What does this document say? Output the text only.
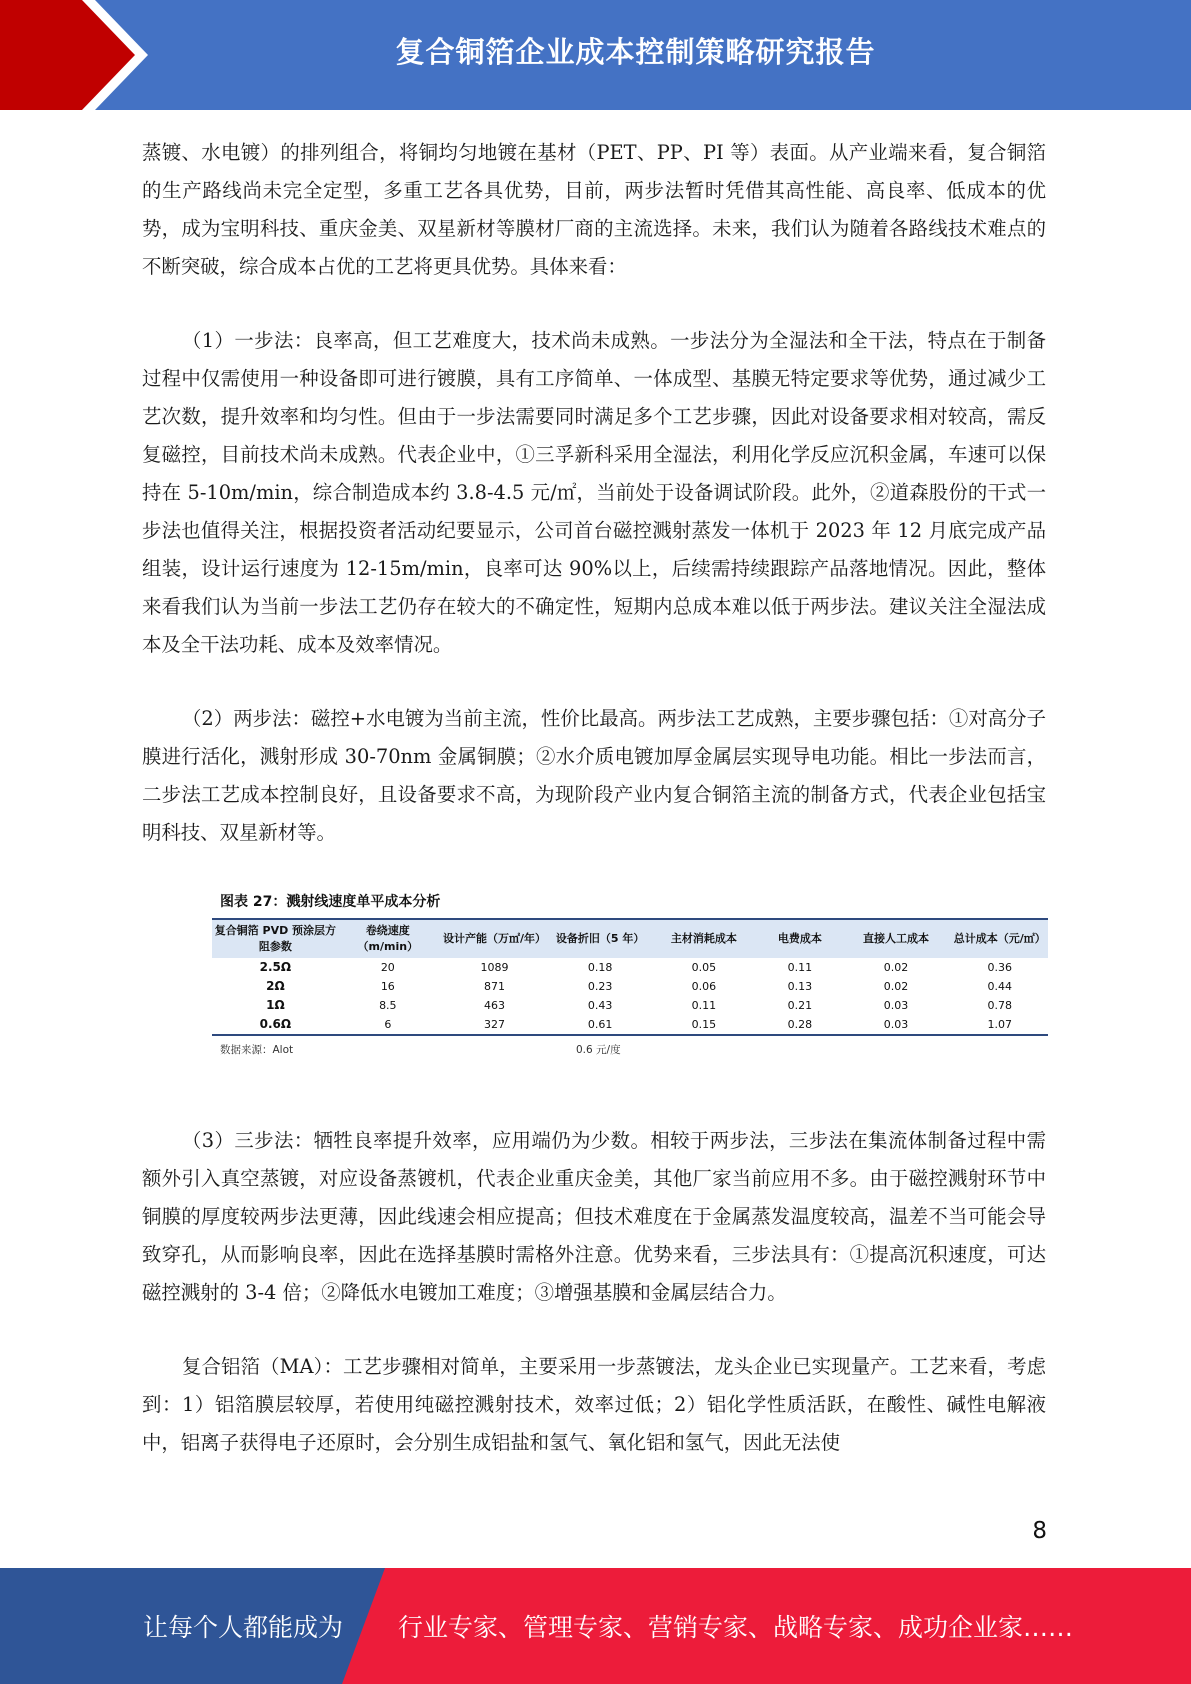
复合铜箔企业成本控制策略研究报告

蒸镀、水电镀）的排列组合，将铜均匀地镀在基材（PET、PP、PI 等）表面。从产业端来看，复合铜箔的生产路线尚未完全定型，多重工艺各具优势，目前，两步法暂时凭借其高性能、高良率、低成本的优势，成为宝明科技、重庆金美、双星新材等膜材厂商的主流选择。未来，我们认为随着各路线技术难点的不断突破，综合成本占优的工艺将更具优势。具体来看：

（1）一步法：良率高，但工艺难度大，技术尚未成熟。一步法分为全湿法和全干法，特点在于制备过程中仅需使用一种设备即可进行镀膜，具有工序简单、一体成型、基膜无特定要求等优势，通过减少工艺次数，提升效率和均匀性。但由于一步法需要同时满足多个工艺步骤，因此对设备要求相对较高，需反复磁控，目前技术尚未成熟。代表企业中，①三孚新科采用全湿法，利用化学反应沉积金属，车速可以保持在 5-10m/min，综合制造成本约 3.8-4.5 元/㎡，当前处于设备调试阶段。此外，②道森股份的干式一步法也值得关注，根据投资者活动纪要显示，公司首台磁控溅射蒸发一体机于 2023 年 12 月底完成产品组装，设计运行速度为 12-15m/min，良率可达 90%以上，后续需持续跟踪产品落地情况。因此，整体来看我们认为当前一步法工艺仍存在较大的不确定性，短期内总成本难以低于两步法。建议关注全湿法成本及全干法功耗、成本及效率情况。

（2）两步法：磁控+水电镀为当前主流，性价比最高。两步法工艺成熟，主要步骤包括：①对高分子膜进行活化，溅射形成 30-70nm 金属铜膜；②水介质电镀加厚金属层实现导电功能。相比一步法而言，二步法工艺成本控制良好，且设备要求不高，为现阶段产业内复合铜箔主流的制备方式，代表企业包括宝明科技、双星新材等。

图表 27：溅射线速度单平成本分析
复合铜箔 PVD 预涂层方阻参数	卷绕速度（m/min）	设计产能（万㎡/年）	设备折旧（5 年）	主材消耗成本	电费成本	直接人工成本	总计成本（元/㎡）
2.5Ω	20	1089	0.18	0.05	0.11	0.02	0.36
2Ω	16	871	0.23	0.06	0.13	0.02	0.44
1Ω	8.5	463	0.43	0.11	0.21	0.03	0.78
0.6Ω	6	327	0.61	0.15	0.28	0.03	1.07
数据来源：Alot	0.6 元/度

（3）三步法：牺牲良率提升效率，应用端仍为少数。相较于两步法，三步法在集流体制备过程中需额外引入真空蒸镀，对应设备蒸镀机，代表企业重庆金美，其他厂家当前应用不多。由于磁控溅射环节中铜膜的厚度较两步法更薄，因此线速会相应提高；但技术难度在于金属蒸发温度较高，温差不当可能会导致穿孔，从而影响良率，因此在选择基膜时需格外注意。优势来看，三步法具有：①提高沉积速度，可达磁控溅射的 3-4 倍；②降低水电镀加工难度；③增强基膜和金属层结合力。

复合铝箔（MA）：工艺步骤相对简单，主要采用一步蒸镀法，龙头企业已实现量产。工艺来看，考虑到：1）铝箔膜层较厚，若使用纯磁控溅射技术，效率过低；2）铝化学性质活跃，在酸性、碱性电解液中，铝离子获得电子还原时，会分别生成铝盐和氢气、氧化铝和氢气，因此无法使

8
让每个人都能成为 行业专家、管理专家、营销专家、战略专家、成功企业家……
